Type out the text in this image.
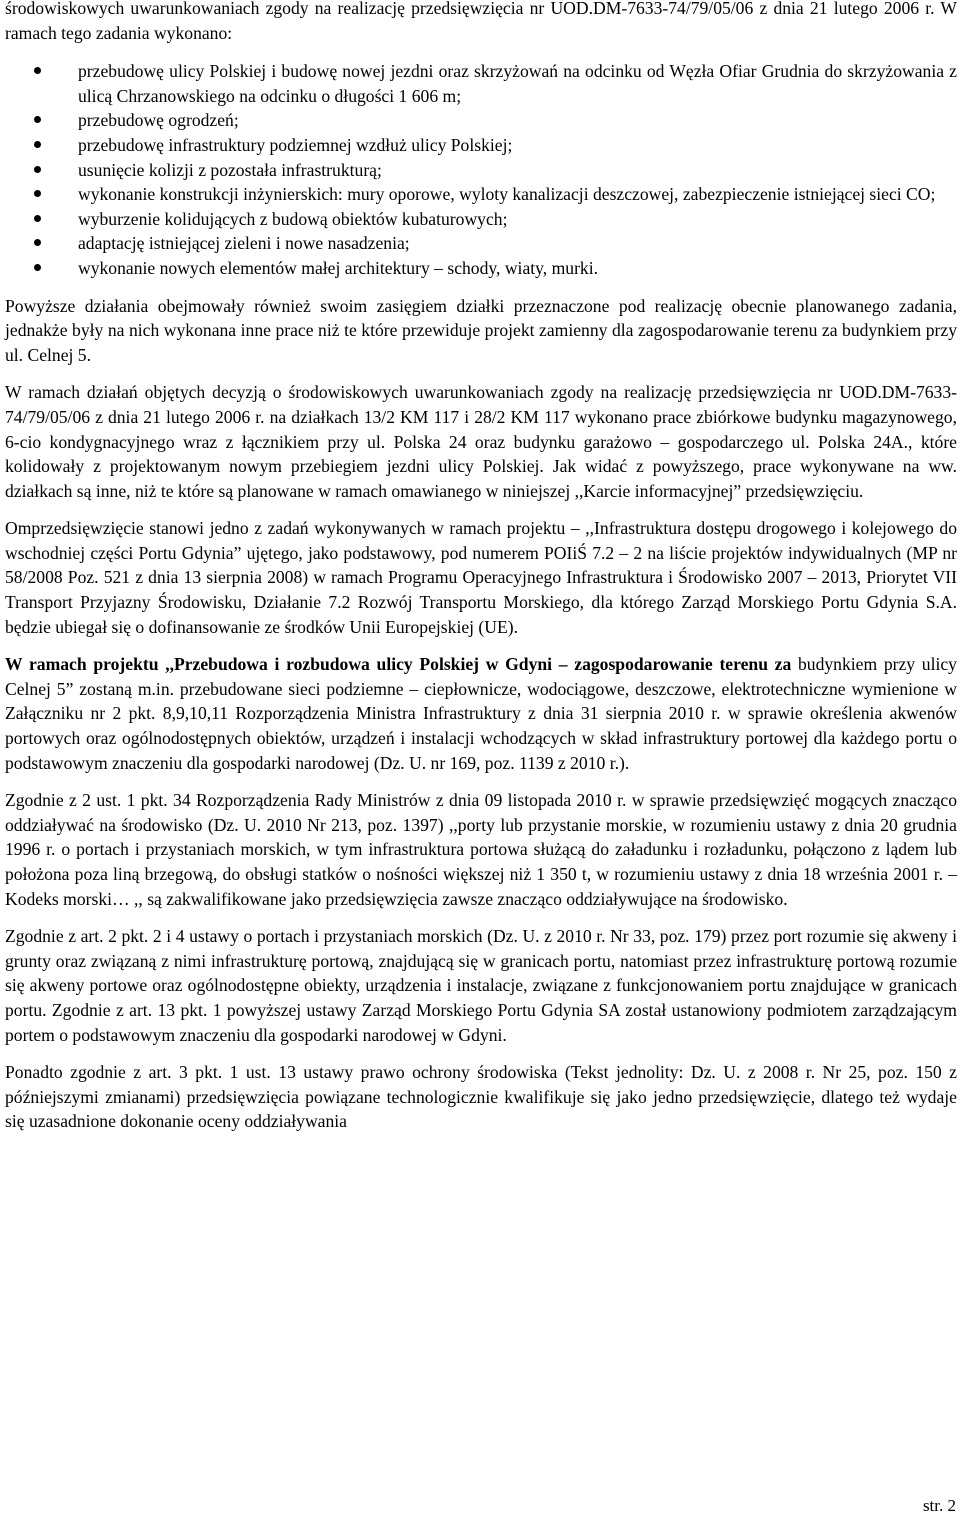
środowiskowych uwarunkowaniach zgody na realizację przedsięwzięcia nr UOD.DM-7633-74/79/05/06 z dnia 21 lutego 2006 r. W ramach tego zadania wykonano:

przebudowę ulicy Polskiej i budowę nowej jezdni oraz skrzyżowań na odcinku od Węzła Ofiar Grudnia do skrzyżowania z ulicą Chrzanowskiego na odcinku o długości 1 606 m;
przebudowę ogrodzeń;
przebudowę infrastruktury podziemnej wzdłuż ulicy Polskiej;
usunięcie kolizji z pozostała infrastrukturą;
wykonanie konstrukcji inżynierskich: mury oporowe, wyloty kanalizacji deszczowej, zabezpieczenie istniejącej sieci CO;
wyburzenie kolidujących z budową obiektów kubaturowych;
adaptację istniejącej zieleni i nowe nasadzenia;
wykonanie nowych elementów małej architektury – schody, wiaty, murki.

Powyższe działania obejmowały również swoim zasięgiem działki przeznaczone pod realizację obecnie planowanego zadania, jednakże były na nich wykonana inne prace niż te które przewiduje projekt zamienny dla zagospodarowanie terenu za budynkiem przy ul. Celnej 5.

W ramach działań objętych decyzją o środowiskowych uwarunkowaniach zgody na realizację przedsięwzięcia nr UOD.DM-7633-74/79/05/06 z dnia 21 lutego 2006 r. na działkach 13/2 KM 117 i 28/2 KM 117 wykonano prace zbiórkowe budynku magazynowego, 6-cio kondygnacyjnego wraz z łącznikiem przy ul. Polska 24 oraz budynku garażowo – gospodarczego ul. Polska 24A., które kolidowały z projektowanym nowym przebiegiem jezdni ulicy Polskiej. Jak widać z powyższego, prace wykonywane na ww. działkach są inne, niż te które są planowane w ramach omawianego w niniejszej ,,Karcie informacyjnej” przedsięwzięciu.

Omprzedsięwzięcie stanowi jedno z zadań wykonywanych w ramach projektu – ,,Infrastruktura dostępu drogowego i kolejowego do wschodniej części Portu Gdynia” ujętego, jako podstawowy, pod numerem POIiŚ 7.2 – 2 na liście projektów indywidualnych (MP nr 58/2008 Poz. 521 z dnia 13 sierpnia 2008) w ramach Programu Operacyjnego Infrastruktura i Środowisko 2007 – 2013, Priorytet VII Transport Przyjazny Środowisku, Działanie 7.2 Rozwój Transportu Morskiego, dla którego Zarząd Morskiego Portu Gdynia S.A. będzie ubiegał się o dofinansowanie ze środków Unii Europejskiej (UE).

W ramach projektu ,,Przebudowa i rozbudowa ulicy Polskiej w Gdyni – zagospodarowanie terenu za budynkiem przy ulicy Celnej 5” zostaną m.in. przebudowane sieci podziemne – ciepłownicze, wodociągowe, deszczowe, elektrotechniczne wymienione w Załączniku nr 2 pkt. 8,9,10,11 Rozporządzenia Ministra Infrastruktury z dnia 31 sierpnia 2010 r. w sprawie określenia akwenów portowych oraz ogólnodostępnych obiektów, urządzeń i instalacji wchodzących w skład infrastruktury portowej dla każdego portu o podstawowym znaczeniu dla gospodarki narodowej (Dz. U. nr 169, poz. 1139 z 2010 r.).

Zgodnie z 2 ust. 1 pkt. 34 Rozporządzenia Rady Ministrów z dnia 09 listopada 2010 r. w sprawie przedsięwzięć mogących znacząco oddziaływać na środowisko (Dz. U. 2010 Nr 213, poz. 1397) ,,porty lub przystanie morskie, w rozumieniu ustawy z dnia 20 grudnia 1996 r. o portach i przystaniach morskich, w tym infrastruktura portowa służącą do załadunku i rozładunku, połączono z lądem lub położona poza liną brzegową, do obsługi statków o nośności większej niż 1 350 t, w rozumieniu ustawy z dnia 18 września 2001 r. – Kodeks morski… ,, są zakwalifikowane jako przedsięwzięcia zawsze znacząco oddziaływujące na środowisko.

Zgodnie z art. 2 pkt. 2 i 4 ustawy o portach i przystaniach morskich (Dz. U. z 2010 r. Nr 33, poz. 179) przez port rozumie się akweny i grunty oraz związaną z nimi infrastrukturę portową, znajdującą się w granicach portu, natomiast przez infrastrukturę portową rozumie się akweny portowe oraz ogólnodostępne obiekty, urządzenia i instalacje, związane z funkcjonowaniem portu znajdujące w granicach portu. Zgodnie z art. 13 pkt. 1 powyższej ustawy Zarząd Morskiego Portu Gdynia SA został ustanowiony podmiotem zarządzającym portem o podstawowym znaczeniu dla gospodarki narodowej w Gdyni.

Ponadto zgodnie z art. 3 pkt. 1 ust. 13 ustawy prawo ochrony środowiska (Tekst jednolity: Dz. U. z 2008 r. Nr 25, poz. 150 z późniejszymi zmianami) przedsięwzięcia powiązane technologicznie kwalifikuje się jako jedno przedsięwzięcie, dlatego też wydaje się uzasadnione dokonanie oceny oddziaływania

str. 2
